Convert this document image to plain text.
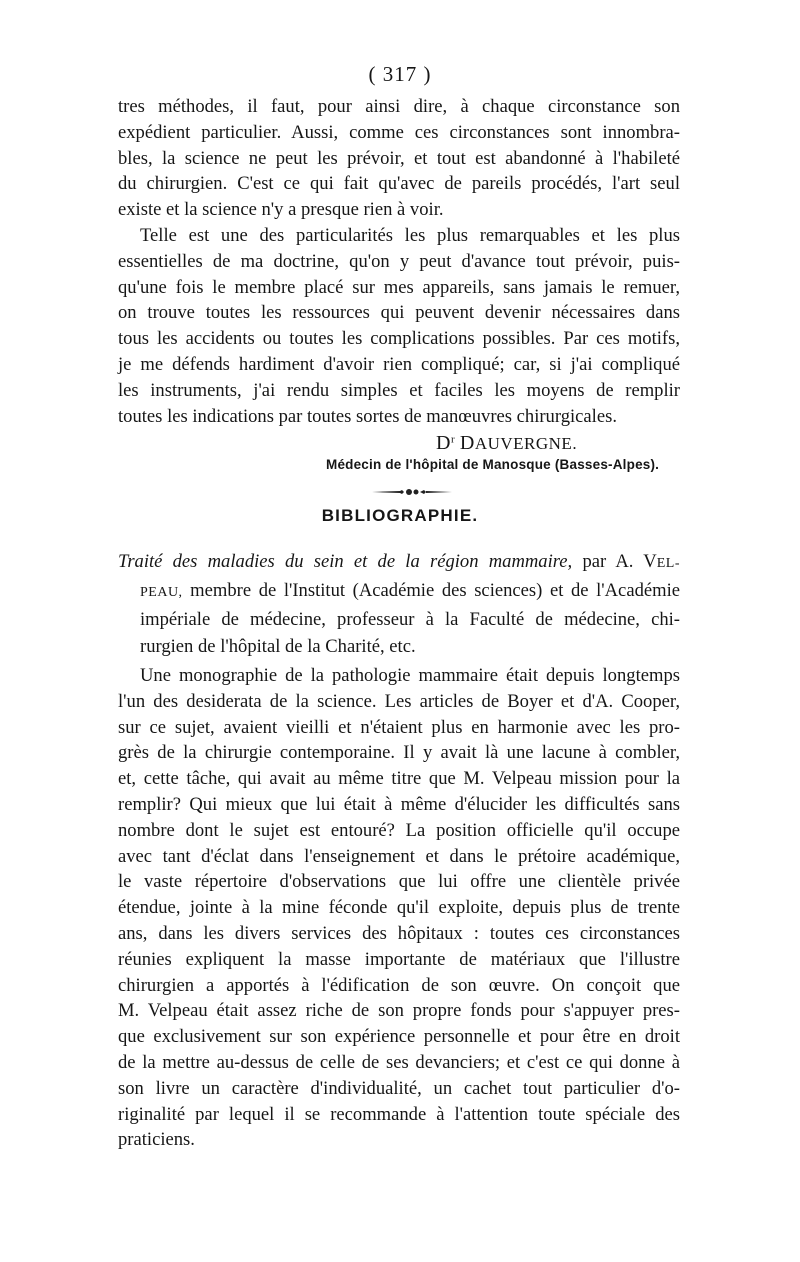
( 317 )
tres méthodes, il faut, pour ainsi dire, à chaque circonstance son
expédient particulier. Aussi, comme ces circonstances sont innombra-
bles, la science ne peut les prévoir, et tout est abandonné à l'habileté
du chirurgien. C'est ce qui fait qu'avec de pareils procédés, l'art seul
existe et la science n'y a presque rien à voir.
Telle est une des particularités les plus remarquables et les plus
essentielles de ma doctrine, qu'on y peut d'avance tout prévoir, puis-
qu'une fois le membre placé sur mes appareils, sans jamais le remuer,
on trouve toutes les ressources qui peuvent devenir nécessaires dans
tous les accidents ou toutes les complications possibles. Par ces motifs,
je me défends hardiment d'avoir rien compliqué; car, si j'ai compliqué
les instruments, j'ai rendu simples et faciles les moyens de remplir
toutes les indications par toutes sortes de manœuvres chirurgicales.
$D^r$ DAUVERGNE.
Médecin de l'hôpital de Manosque (Basses-Alpes).
BIBLIOGRAPHIE.
Traité des maladies du sein et de la région mammaire, par A. VEL-
PEAU, membre de l'Institut (Académie des sciences) et de l'Académie
impériale de médecine, professeur à la Faculté de médecine, chi-
rurgien de l'hôpital de la Charité, etc.
Une monographie de la pathologie mammaire était depuis longtemps
l'un des desiderata de la science. Les articles de Boyer et d'A. Cooper,
sur ce sujet, avaient vieilli et n'étaient plus en harmonie avec les pro-
grès de la chirurgie contemporaine. Il y avait là une lacune à combler,
et, cette tâche, qui avait au même titre que M. Velpeau mission pour la
remplir? Qui mieux que lui était à même d'élucider les difficultés sans
nombre dont le sujet est entouré? La position officielle qu'il occupe
avec tant d'éclat dans l'enseignement et dans le prétoire académique,
le vaste répertoire d'observations que lui offre une clientèle privée
étendue, jointe à la mine féconde qu'il exploite, depuis plus de trente
ans, dans les divers services des hôpitaux : toutes ces circonstances
réunies expliquent la masse importante de matériaux que l'illustre
chirurgien a apportés à l'édification de son œuvre. On conçoit que
M. Velpeau était assez riche de son propre fonds pour s'appuyer pres-
que exclusivement sur son expérience personnelle et pour être en droit
de la mettre au-dessus de celle de ses devanciers; et c'est ce qui donne à
son livre un caractère d'individualité, un cachet tout particulier d'o-
riginalité par lequel il se recommande à l'attention toute spéciale des
praticiens.
